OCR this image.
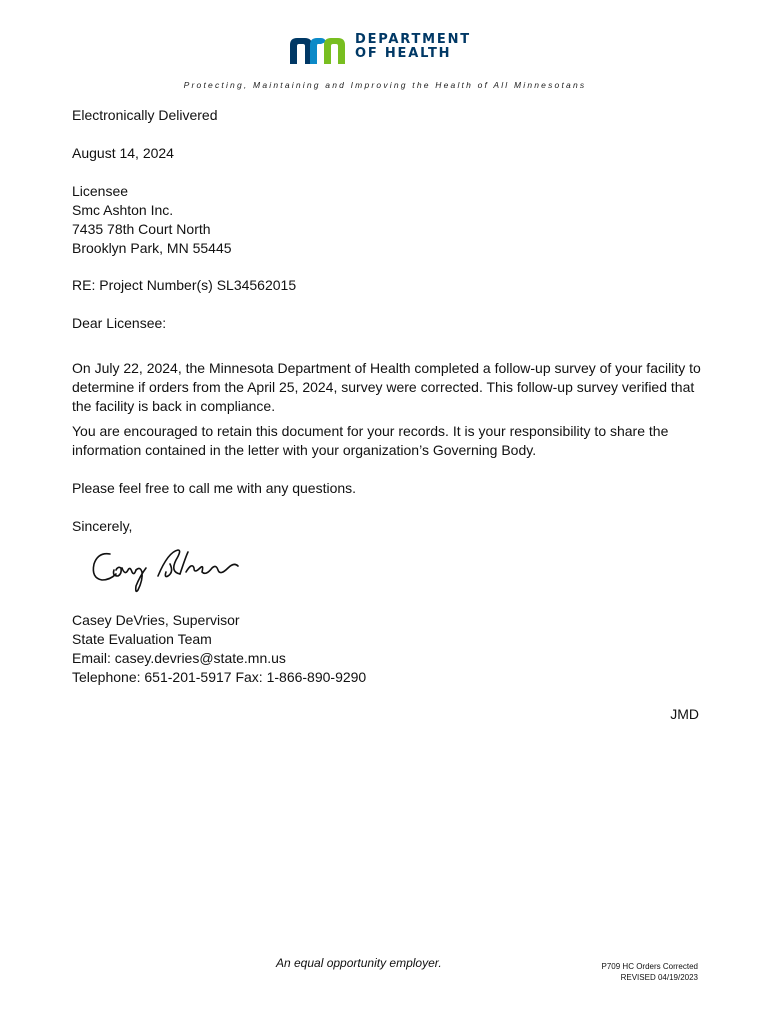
DEPARTMENT
OF HEALTH
Protecting, Maintaining and Improving the Health of All Minnesotans
Electronically Delivered
August 14, 2024
Licensee
Smc Ashton Inc.
7435 78th Court North
Brooklyn Park, MN 55445
RE: Project Number(s) SL34562015
Dear Licensee:
On July 22, 2024, the Minnesota Department of Health completed a follow-up survey of your facility to determine if orders from the April 25, 2024, survey were corrected. This follow-up survey verified that the facility is back in compliance.
You are encouraged to retain this document for your records. It is your responsibility to share the information contained in the letter with your organization’s Governing Body.
Please feel free to call me with any questions.
Sincerely,
Casey DeVries, Supervisor
State Evaluation Team
Email: casey.devries@state.mn.us
Telephone: 651-201-5917 Fax: 1-866-890-9290
JMD
An equal opportunity employer.	P709 HC Orders Corrected
REVISED 04/19/2023
